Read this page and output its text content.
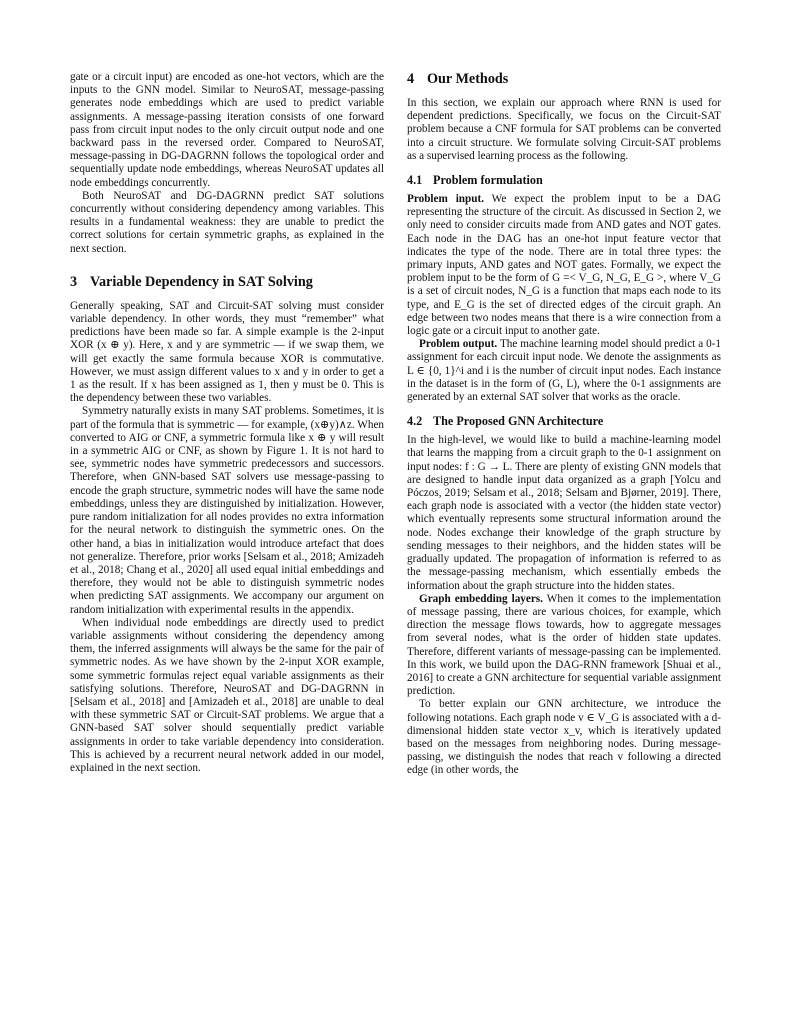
gate or a circuit input) are encoded as one-hot vectors, which are the inputs to the GNN model. Similar to NeuroSAT, message-passing generates node embeddings which are used to predict variable assignments. A message-passing iteration consists of one forward pass from circuit input nodes to the only circuit output node and one backward pass in the reversed order. Compared to NeuroSAT, message-passing in DG-DAGRNN follows the topological order and sequentially update node embeddings, whereas NeuroSAT updates all node embeddings concurrently.

Both NeuroSAT and DG-DAGRNN predict SAT solutions concurrently without considering dependency among variables. This results in a fundamental weakness: they are unable to predict the correct solutions for certain symmetric graphs, as explained in the next section.

3 Variable Dependency in SAT Solving

Generally speaking, SAT and Circuit-SAT solving must consider variable dependency. In other words, they must “remember” what predictions have been made so far. A simple example is the 2-input XOR (x ⊕ y). Here, x and y are symmetric — if we swap them, we will get exactly the same formula because XOR is commutative. However, we must assign different values to x and y in order to get a 1 as the result. If x has been assigned as 1, then y must be 0. This is the dependency between these two variables.

Symmetry naturally exists in many SAT problems. Sometimes, it is part of the formula that is symmetric — for example, (x⊕y)∧z. When converted to AIG or CNF, a symmetric formula like x ⊕ y will result in a symmetric AIG or CNF, as shown by Figure 1. It is not hard to see, symmetric nodes have symmetric predecessors and successors. Therefore, when GNN-based SAT solvers use message-passing to encode the graph structure, symmetric nodes will have the same node embeddings, unless they are distinguished by initialization. However, pure random initialization for all nodes provides no extra information for the neural network to distinguish the symmetric ones. On the other hand, a bias in initialization would introduce artefact that does not generalize. Therefore, prior works [Selsam et al., 2018; Amizadeh et al., 2018; Chang et al., 2020] all used equal initial embeddings and therefore, they would not be able to distinguish symmetric nodes when predicting SAT assignments. We accompany our argument on random initialization with experimental results in the appendix.

When individual node embeddings are directly used to predict variable assignments without considering the dependency among them, the inferred assignments will always be the same for the pair of symmetric nodes. As we have shown by the 2-input XOR example, some symmetric formulas reject equal variable assignments as their satisfying solutions. Therefore, NeuroSAT and DG-DAGRNN in [Selsam et al., 2018] and [Amizadeh et al., 2018] are unable to deal with these symmetric SAT or Circuit-SAT problems. We argue that a GNN-based SAT solver should sequentially predict variable assignments in order to take variable dependency into consideration. This is achieved by a recurrent neural network added in our model, explained in the next section.

4 Our Methods

In this section, we explain our approach where RNN is used for dependent predictions. Specifically, we focus on the Circuit-SAT problem because a CNF formula for SAT problems can be converted into a circuit structure. We formulate solving Circuit-SAT problems as a supervised learning process as the following.

4.1 Problem formulation

Problem input. We expect the problem input to be a DAG representing the structure of the circuit. As discussed in Section 2, we only need to consider circuits made from AND gates and NOT gates. Each node in the DAG has an one-hot input feature vector that indicates the type of the node. There are in total three types: the primary inputs, AND gates and NOT gates. Formally, we expect the problem input to be the form of G =< V_G, N_G, E_G >, where V_G is a set of circuit nodes, N_G is a function that maps each node to its type, and E_G is the set of directed edges of the circuit graph. An edge between two nodes means that there is a wire connection from a logic gate or a circuit input to another gate.

Problem output. The machine learning model should predict a 0-1 assignment for each circuit input node. We denote the assignments as L ∈ {0, 1}^i and i is the number of circuit input nodes. Each instance in the dataset is in the form of (G, L), where the 0-1 assignments are generated by an external SAT solver that works as the oracle.

4.2 The Proposed GNN Architecture

In the high-level, we would like to build a machine-learning model that learns the mapping from a circuit graph to the 0-1 assignment on input nodes: f : G → L. There are plenty of existing GNN models that are designed to handle input data organized as a graph [Yolcu and Póczos, 2019; Selsam et al., 2018; Selsam and Bjørner, 2019]. There, each graph node is associated with a vector (the hidden state vector) which eventually represents some structural information around the node. Nodes exchange their knowledge of the graph structure by sending messages to their neighbors, and the hidden states will be gradually updated. The propagation of information is referred to as the message-passing mechanism, which essentially embeds the information about the graph structure into the hidden states.

Graph embedding layers. When it comes to the implementation of message passing, there are various choices, for example, which direction the message flows towards, how to aggregate messages from several nodes, what is the order of hidden state updates. Therefore, different variants of message-passing can be implemented. In this work, we build upon the DAG-RNN framework [Shuai et al., 2016] to create a GNN architecture for sequential variable assignment prediction.

To better explain our GNN architecture, we introduce the following notations. Each graph node v ∈ V_G is associated with a d-dimensional hidden state vector x_v, which is iteratively updated based on the messages from neighboring nodes. During message-passing, we distinguish the nodes that reach v following a directed edge (in other words, the
